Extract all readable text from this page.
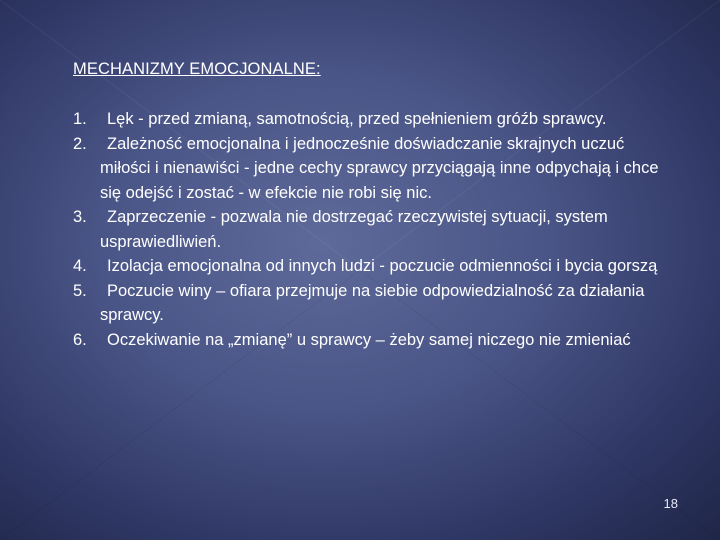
MECHANIZMY EMOCJONALNE:
1.	Lęk - przed zmianą, samotnością, przed spełnieniem gróźb sprawcy.
2.	Zależność emocjonalna i jednocześnie doświadczanie skrajnych uczuć miłości i nienawiści - jedne cechy sprawcy przyciągają inne odpychają i chce się odejść i zostać - w efekcie nie robi się nic.
3.	Zaprzeczenie - pozwala nie dostrzegać rzeczywistej sytuacji, system usprawiedliwień.
4.	Izolacja emocjonalna od innych ludzi - poczucie odmienności i bycia gorszą
5.	Poczucie winy – ofiara przejmuje na siebie odpowiedzialność za działania sprawcy.
6.	Oczekiwanie na „zmianę” u sprawcy – żeby samej niczego nie zmieniać
18
